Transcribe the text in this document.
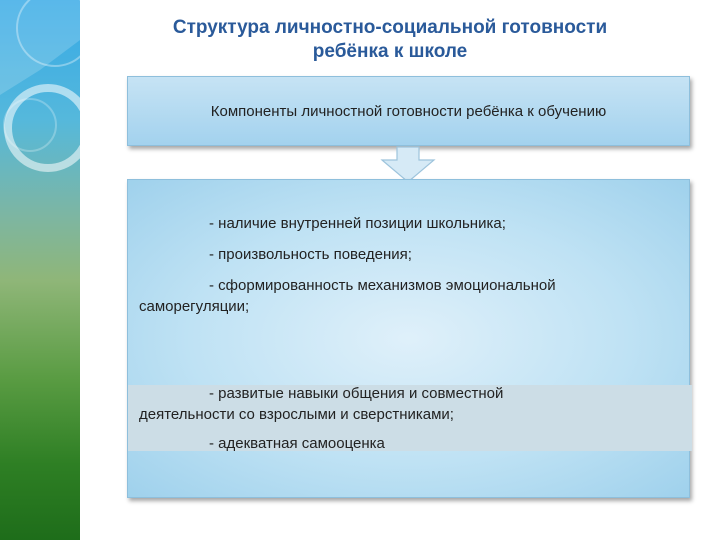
Структура личностно-социальной готовности
ребёнка к школе
Компоненты личностной готовности ребёнка к обучению
- наличие внутренней позиции школьника;
- произвольность поведения;
- сформированность механизмов эмоциональной
саморегуляции;
- развитые навыки общения и совместной
деятельности со взрослыми и сверстниками;
- адекватная самооценка
